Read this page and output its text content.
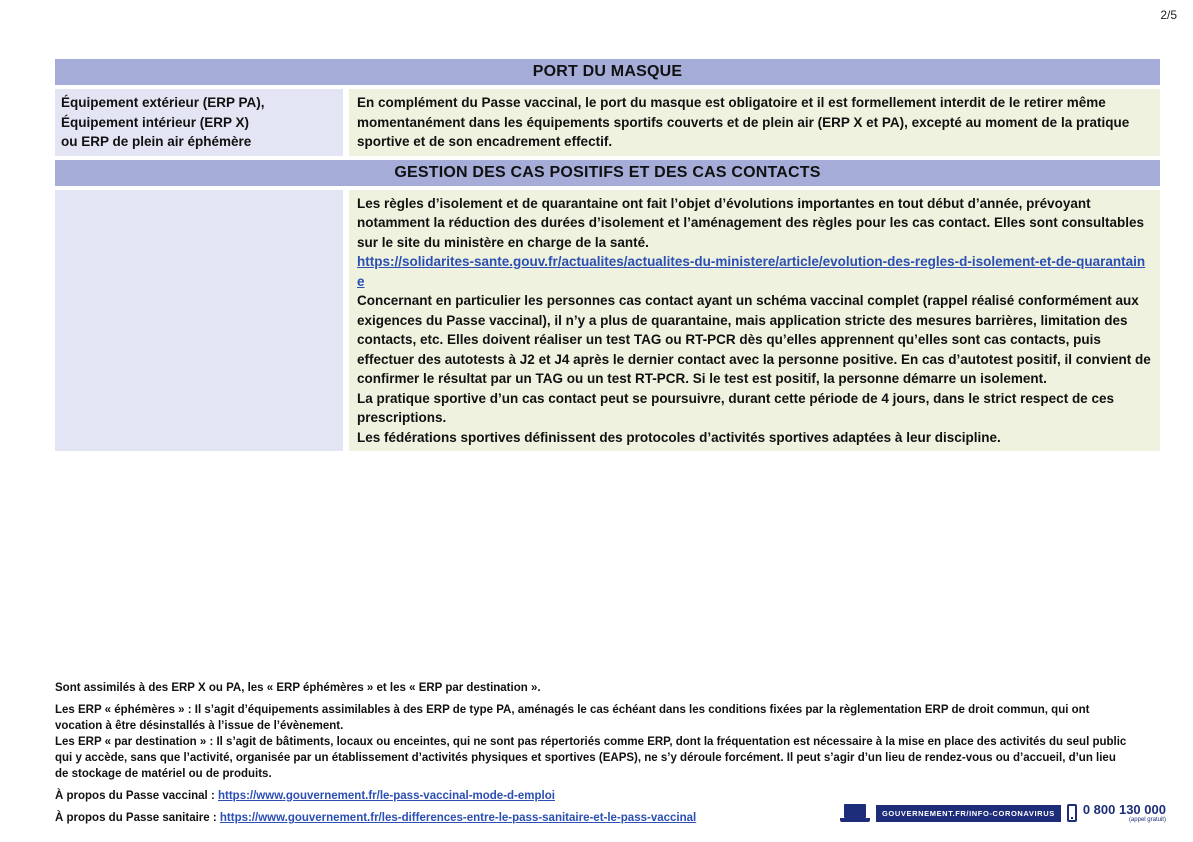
2/5
PORT DU MASQUE
Équipement extérieur (ERP PA),
Équipement intérieur (ERP X)
ou ERP de plein air éphémère

En complément du Passe vaccinal, le port du masque est obligatoire et il est formellement interdit de le retirer même momentanément dans les équipements sportifs couverts et de plein air (ERP X et PA), excepté au moment de la pratique sportive et de son encadrement effectif.

GESTION DES CAS POSITIFS ET DES CAS CONTACTS

Les règles d’isolement et de quarantaine ont fait l’objet d’évolutions importantes en tout début d’année, prévoyant notamment la réduction des durées d’isolement et l’aménagement des règles pour les cas contact. Elles sont consultables sur le site du ministère en charge de la santé.

https://solidarites-sante.gouv.fr/actualites/actualites-du-ministere/article/evolution-des-regles-d-isolement-et-de-quarantaine

Concernant en particulier les personnes cas contact ayant un schéma vaccinal complet (rappel réalisé conformément aux exigences du Passe vaccinal), il n’y a plus de quarantaine, mais application stricte des mesures barrières, limitation des contacts, etc. Elles doivent réaliser un test TAG ou RT-PCR dès qu’elles apprennent qu’elles sont cas contacts, puis effectuer des autotests à J2 et J4 après le dernier contact avec la personne positive. En cas d’autotest positif, il convient de confirmer le résultat par un TAG ou un test RT-PCR. Si le test est positif, la personne démarre un isolement.

La pratique sportive d’un cas contact peut se poursuivre, durant cette période de 4 jours, dans le strict respect de ces prescriptions.

Les fédérations sportives définissent des protocoles d’activités sportives adaptées à leur discipline.

Sont assimilés à des ERP X ou PA, les « ERP éphémères » et les « ERP par destination ».

Les ERP « éphémères » : Il s’agit d’équipements assimilables à des ERP de type PA, aménagés le cas échéant dans les conditions fixées par la règlementation ERP de droit commun, qui ont vocation à être désinstallés à l’issue de l’évènement.

Les ERP « par destination » : Il s’agit de bâtiments, locaux ou enceintes, qui ne sont pas répertoriés comme ERP, dont la fréquentation est nécessaire à la mise en place des activités du seul public qui y accède, sans que l’activité, organisée par un établissement d’activités physiques et sportives (EAPS), ne s’y déroule forcément. Il peut s’agir d’un lieu de rendez-vous ou d’accueil, d’un lieu de stockage de matériel ou de produits.

À propos du Passe vaccinal : https://www.gouvernement.fr/le-pass-vaccinal-mode-d-emploi

À propos du Passe sanitaire : https://www.gouvernement.fr/les-differences-entre-le-pass-sanitaire-et-le-pass-vaccinal	GOUVERNEMENT.FR/INFO-CORONAVIRUS	0 800 130 000
(appel gratuit)
